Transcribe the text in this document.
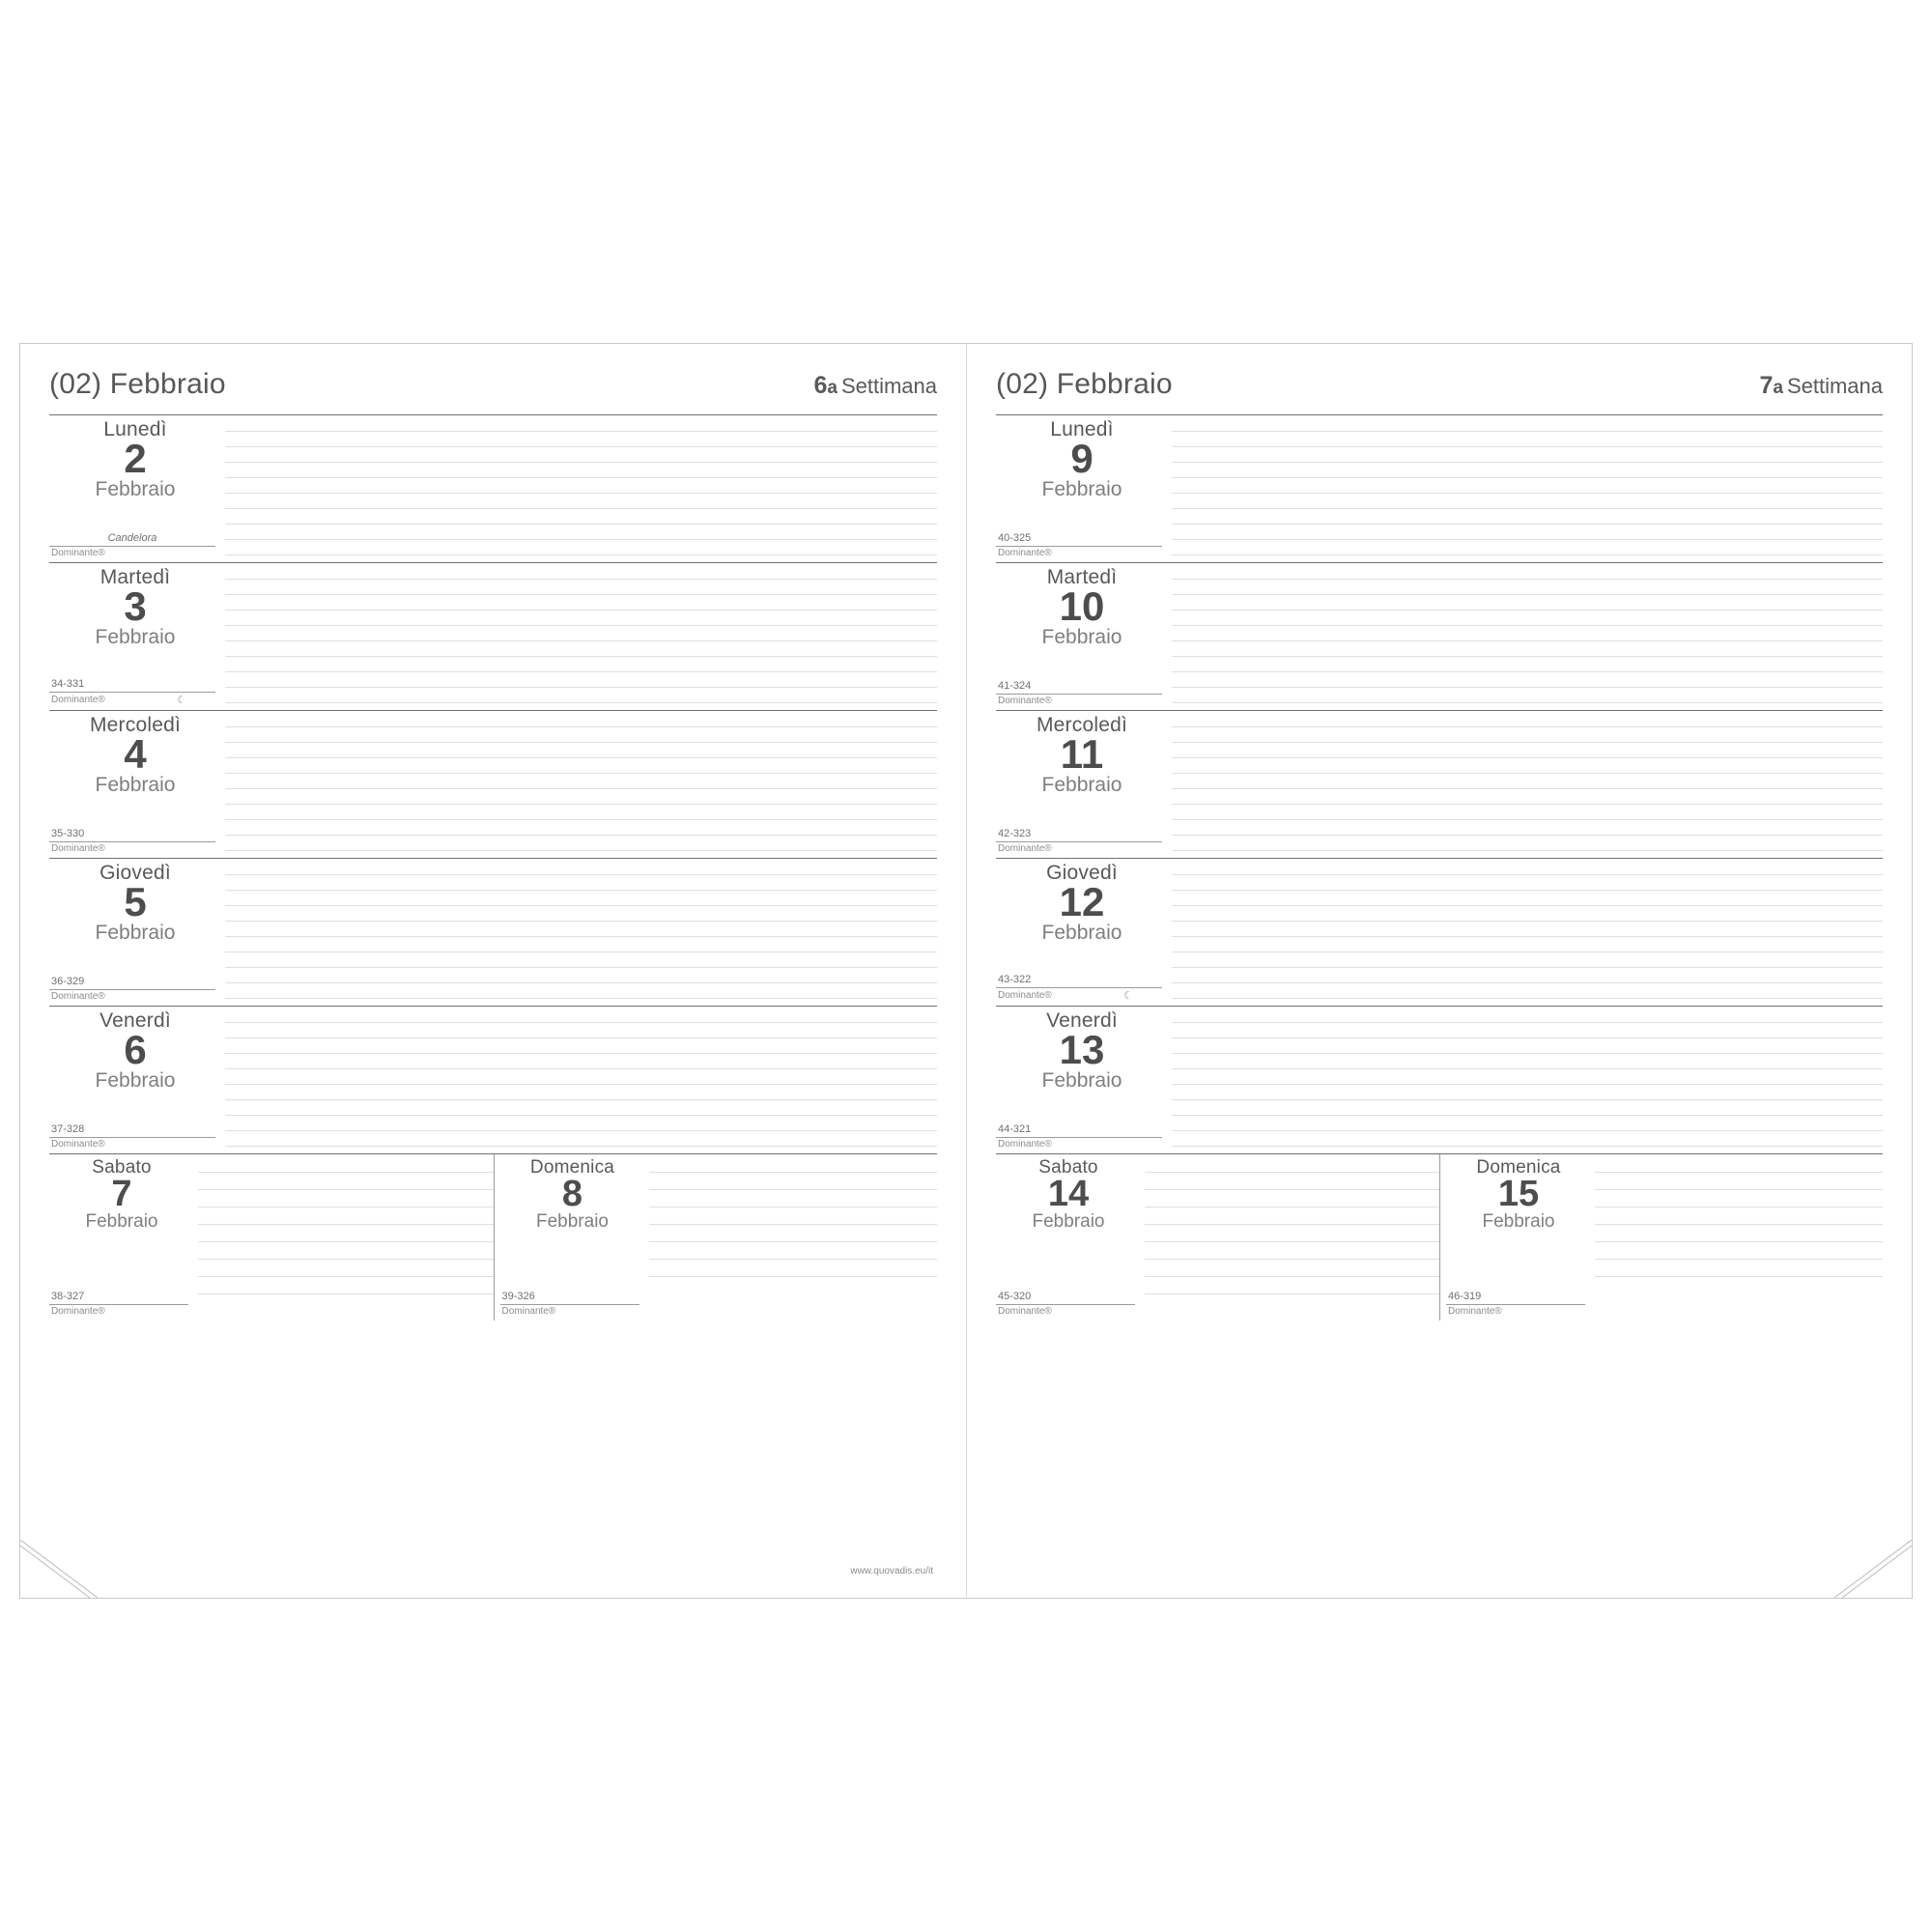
(02) Febbraio	6a Settimana
Lunedì
2
Febbraio
Candelora
Dominante®
Martedì
3
Febbraio
34-331
Dominante®	☾
Mercoledì
4
Febbraio
35-330
Dominante®
Giovedì
5
Febbraio
36-329
Dominante®
Venerdì
6
Febbraio
37-328
Dominante®
Sabato
7
Febbraio
38-327
Dominante®
Domenica
8
Febbraio
39-326
Dominante®
www.quovadis.eu/it
(02) Febbraio	7a Settimana
Lunedì
9
Febbraio
40-325
Dominante®
Martedì
10
Febbraio
41-324
Dominante®
Mercoledì
11
Febbraio
42-323
Dominante®
Giovedì
12
Febbraio
43-322
Dominante®	☾
Venerdì
13
Febbraio
44-321
Dominante®
Sabato
14
Febbraio
45-320
Dominante®
Domenica
15
Febbraio
46-319
Dominante®
